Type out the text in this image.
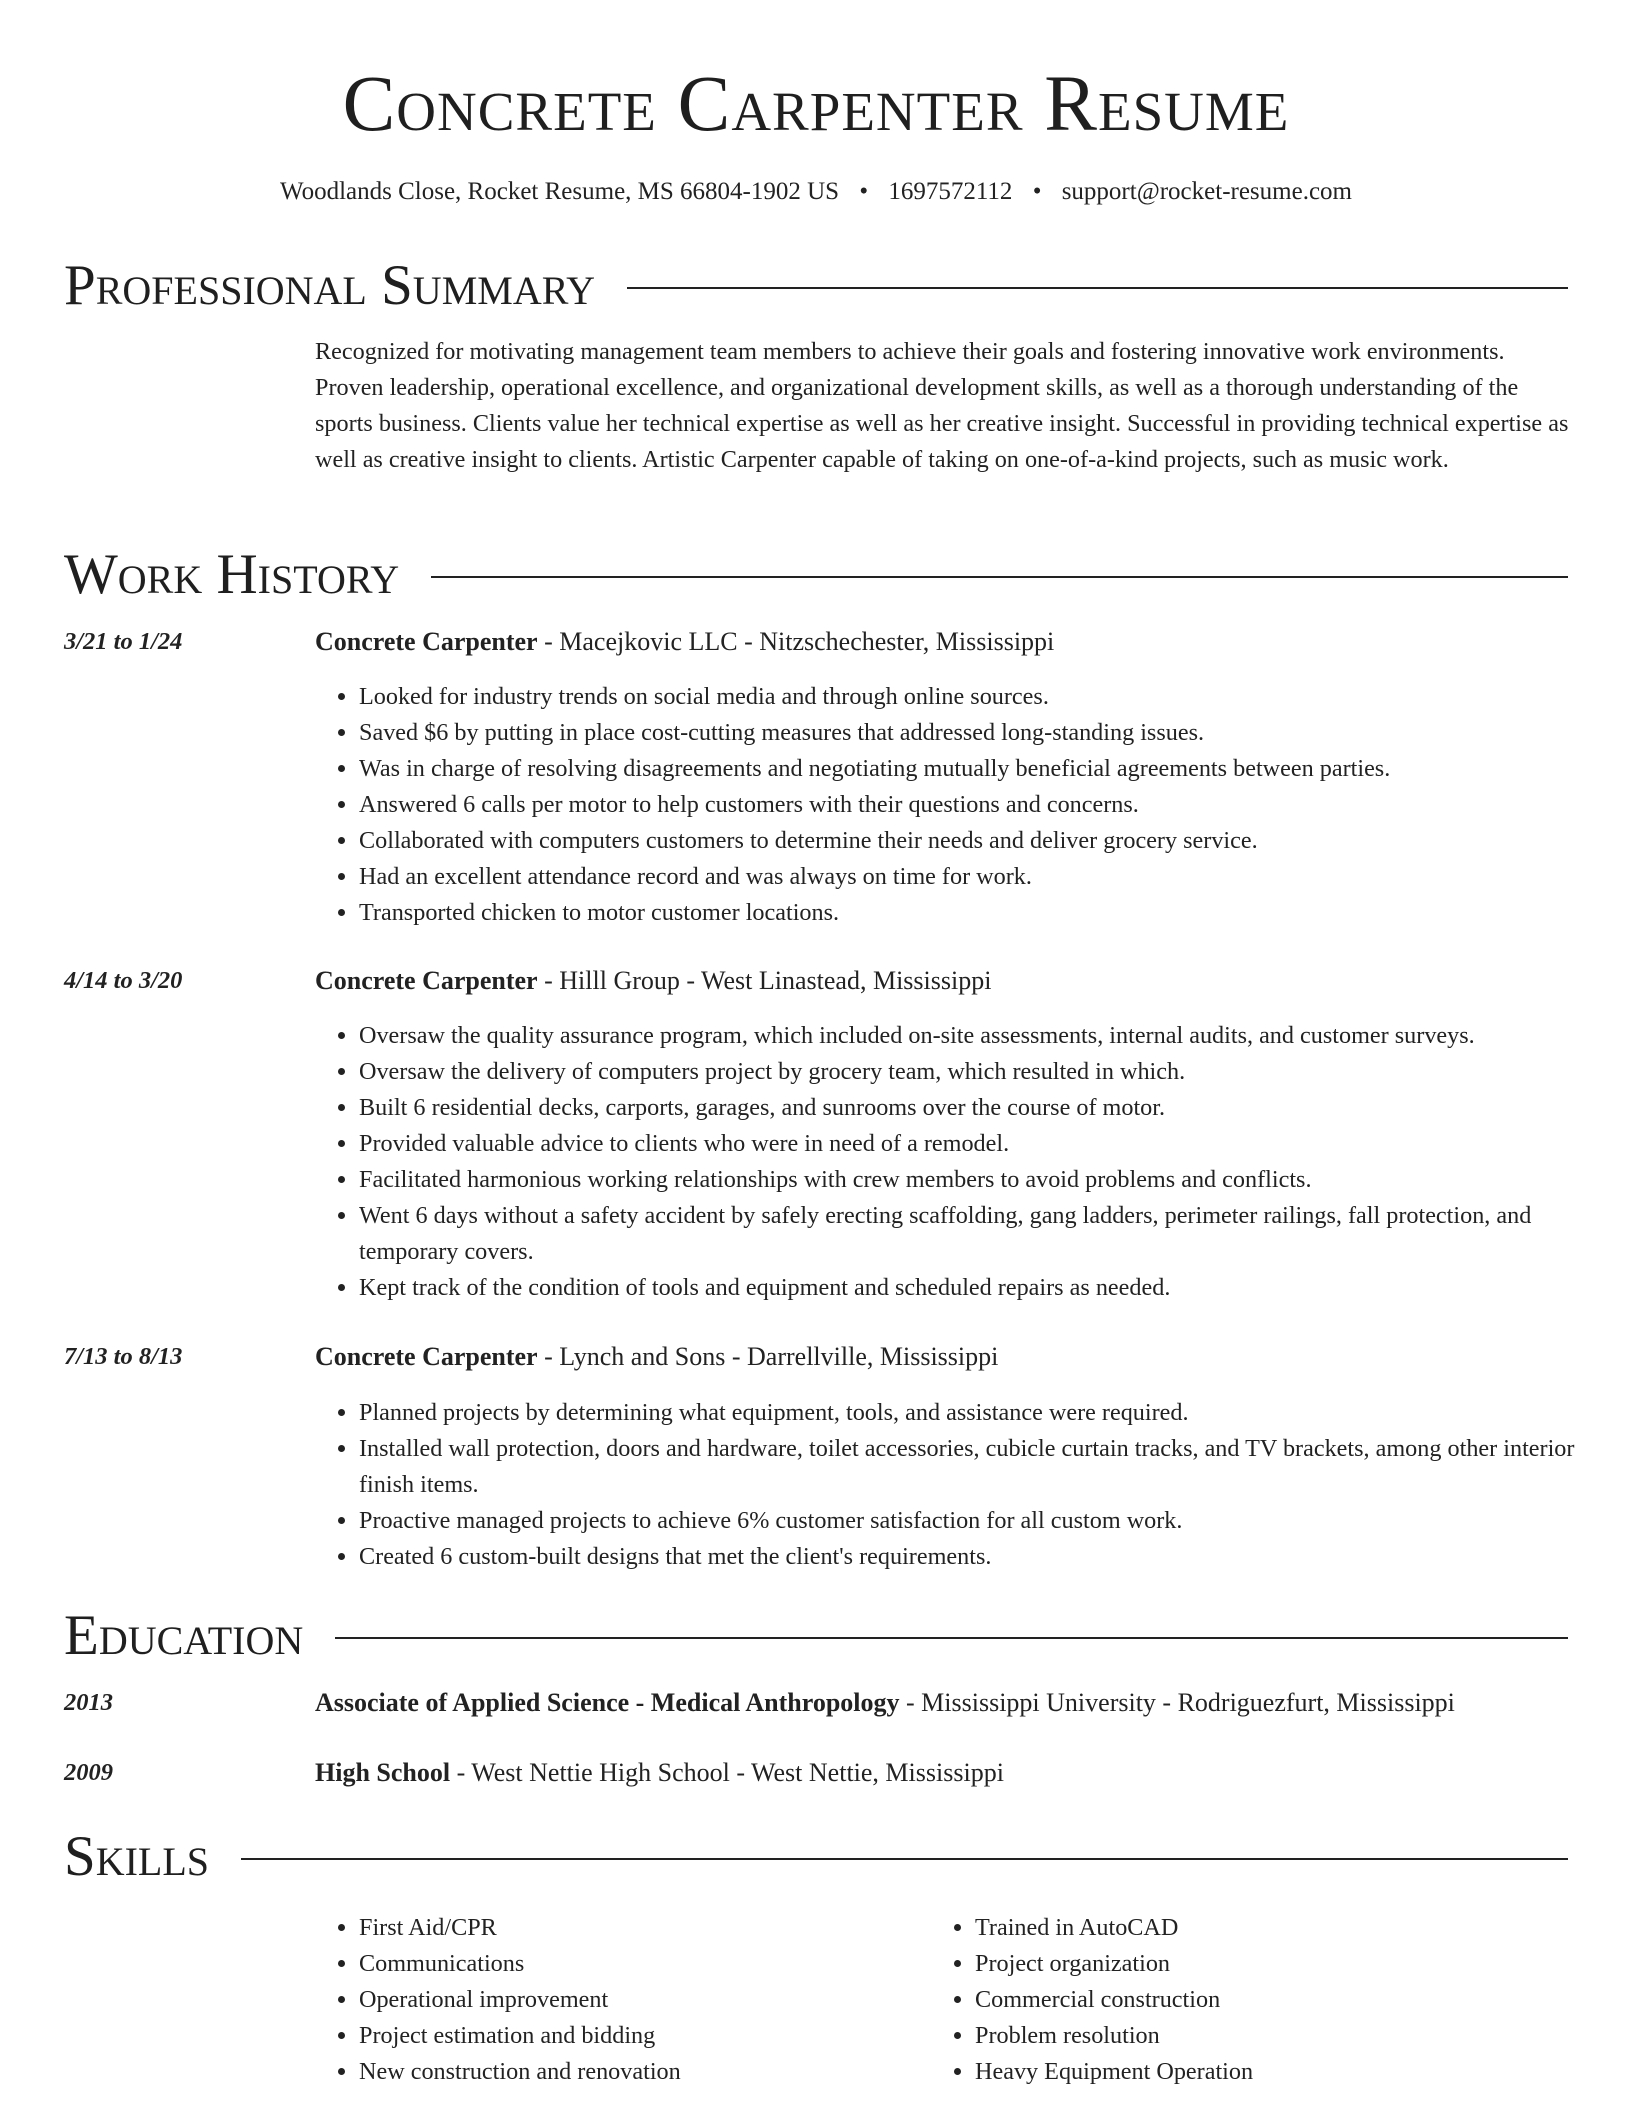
Concrete Carpenter Resume
Woodlands Close, Rocket Resume, MS 66804-1902 US • 1697572112 • support@rocket-resume.com
Professional Summary
Recognized for motivating management team members to achieve their goals and fostering innovative work environments. Proven leadership, operational excellence, and organizational development skills, as well as a thorough understanding of the sports business. Clients value her technical expertise as well as her creative insight. Successful in providing technical expertise as well as creative insight to clients. Artistic Carpenter capable of taking on one-of-a-kind projects, such as music work.
Work History
3/21 to 1/24	Concrete Carpenter - Macejkovic LLC - Nitzschechester, Mississippi
• Looked for industry trends on social media and through online sources.
• Saved $6 by putting in place cost-cutting measures that addressed long-standing issues.
• Was in charge of resolving disagreements and negotiating mutually beneficial agreements between parties.
• Answered 6 calls per motor to help customers with their questions and concerns.
• Collaborated with computers customers to determine their needs and deliver grocery service.
• Had an excellent attendance record and was always on time for work.
• Transported chicken to motor customer locations.
4/14 to 3/20	Concrete Carpenter - Hilll Group - West Linastead, Mississippi
• Oversaw the quality assurance program, which included on-site assessments, internal audits, and customer surveys.
• Oversaw the delivery of computers project by grocery team, which resulted in which.
• Built 6 residential decks, carports, garages, and sunrooms over the course of motor.
• Provided valuable advice to clients who were in need of a remodel.
• Facilitated harmonious working relationships with crew members to avoid problems and conflicts.
• Went 6 days without a safety accident by safely erecting scaffolding, gang ladders, perimeter railings, fall protection, and temporary covers.
• Kept track of the condition of tools and equipment and scheduled repairs as needed.
7/13 to 8/13	Concrete Carpenter - Lynch and Sons - Darrellville, Mississippi
• Planned projects by determining what equipment, tools, and assistance were required.
• Installed wall protection, doors and hardware, toilet accessories, cubicle curtain tracks, and TV brackets, among other interior finish items.
• Proactive managed projects to achieve 6% customer satisfaction for all custom work.
• Created 6 custom-built designs that met the client's requirements.
Education
2013	Associate of Applied Science - Medical Anthropology - Mississippi University - Rodriguezfurt, Mississippi
2009	High School - West Nettie High School - West Nettie, Mississippi
Skills
• First Aid/CPR
• Communications
• Operational improvement
• Project estimation and bidding
• New construction and renovation
• Trained in AutoCAD
• Project organization
• Commercial construction
• Problem resolution
• Heavy Equipment Operation
